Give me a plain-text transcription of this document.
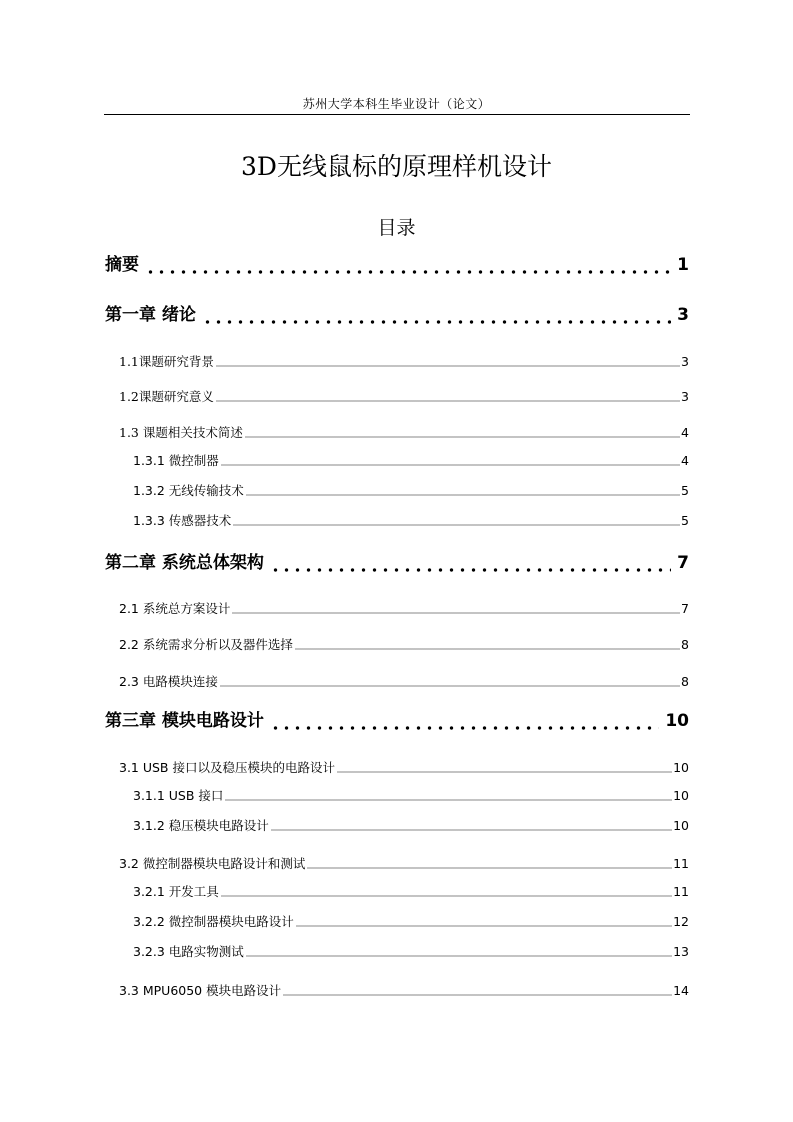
苏州大学本科生毕业设计（论文）
3D无线鼠标的原理样机设计
目录
摘要	1
第一章 绪论	3
1.1课题研究背景	3
1.2课题研究意义	3
1.3 课题相关技术简述	4
1.3.1 微控制器	4
1.3.2 无线传输技术	5
1.3.3 传感器技术	5
第二章 系统总体架构	7
2.1 系统总方案设计	7
2.2 系统需求分析以及器件选择	8
2.3 电路模块连接	8
第三章 模块电路设计	10
3.1 USB 接口以及稳压模块的电路设计	10
3.1.1 USB 接口	10
3.1.2 稳压模块电路设计	10
3.2 微控制器模块电路设计和测试	11
3.2.1 开发工具	11
3.2.2 微控制器模块电路设计	12
3.2.3 电路实物测试	13
3.3 MPU6050 模块电路设计	14
